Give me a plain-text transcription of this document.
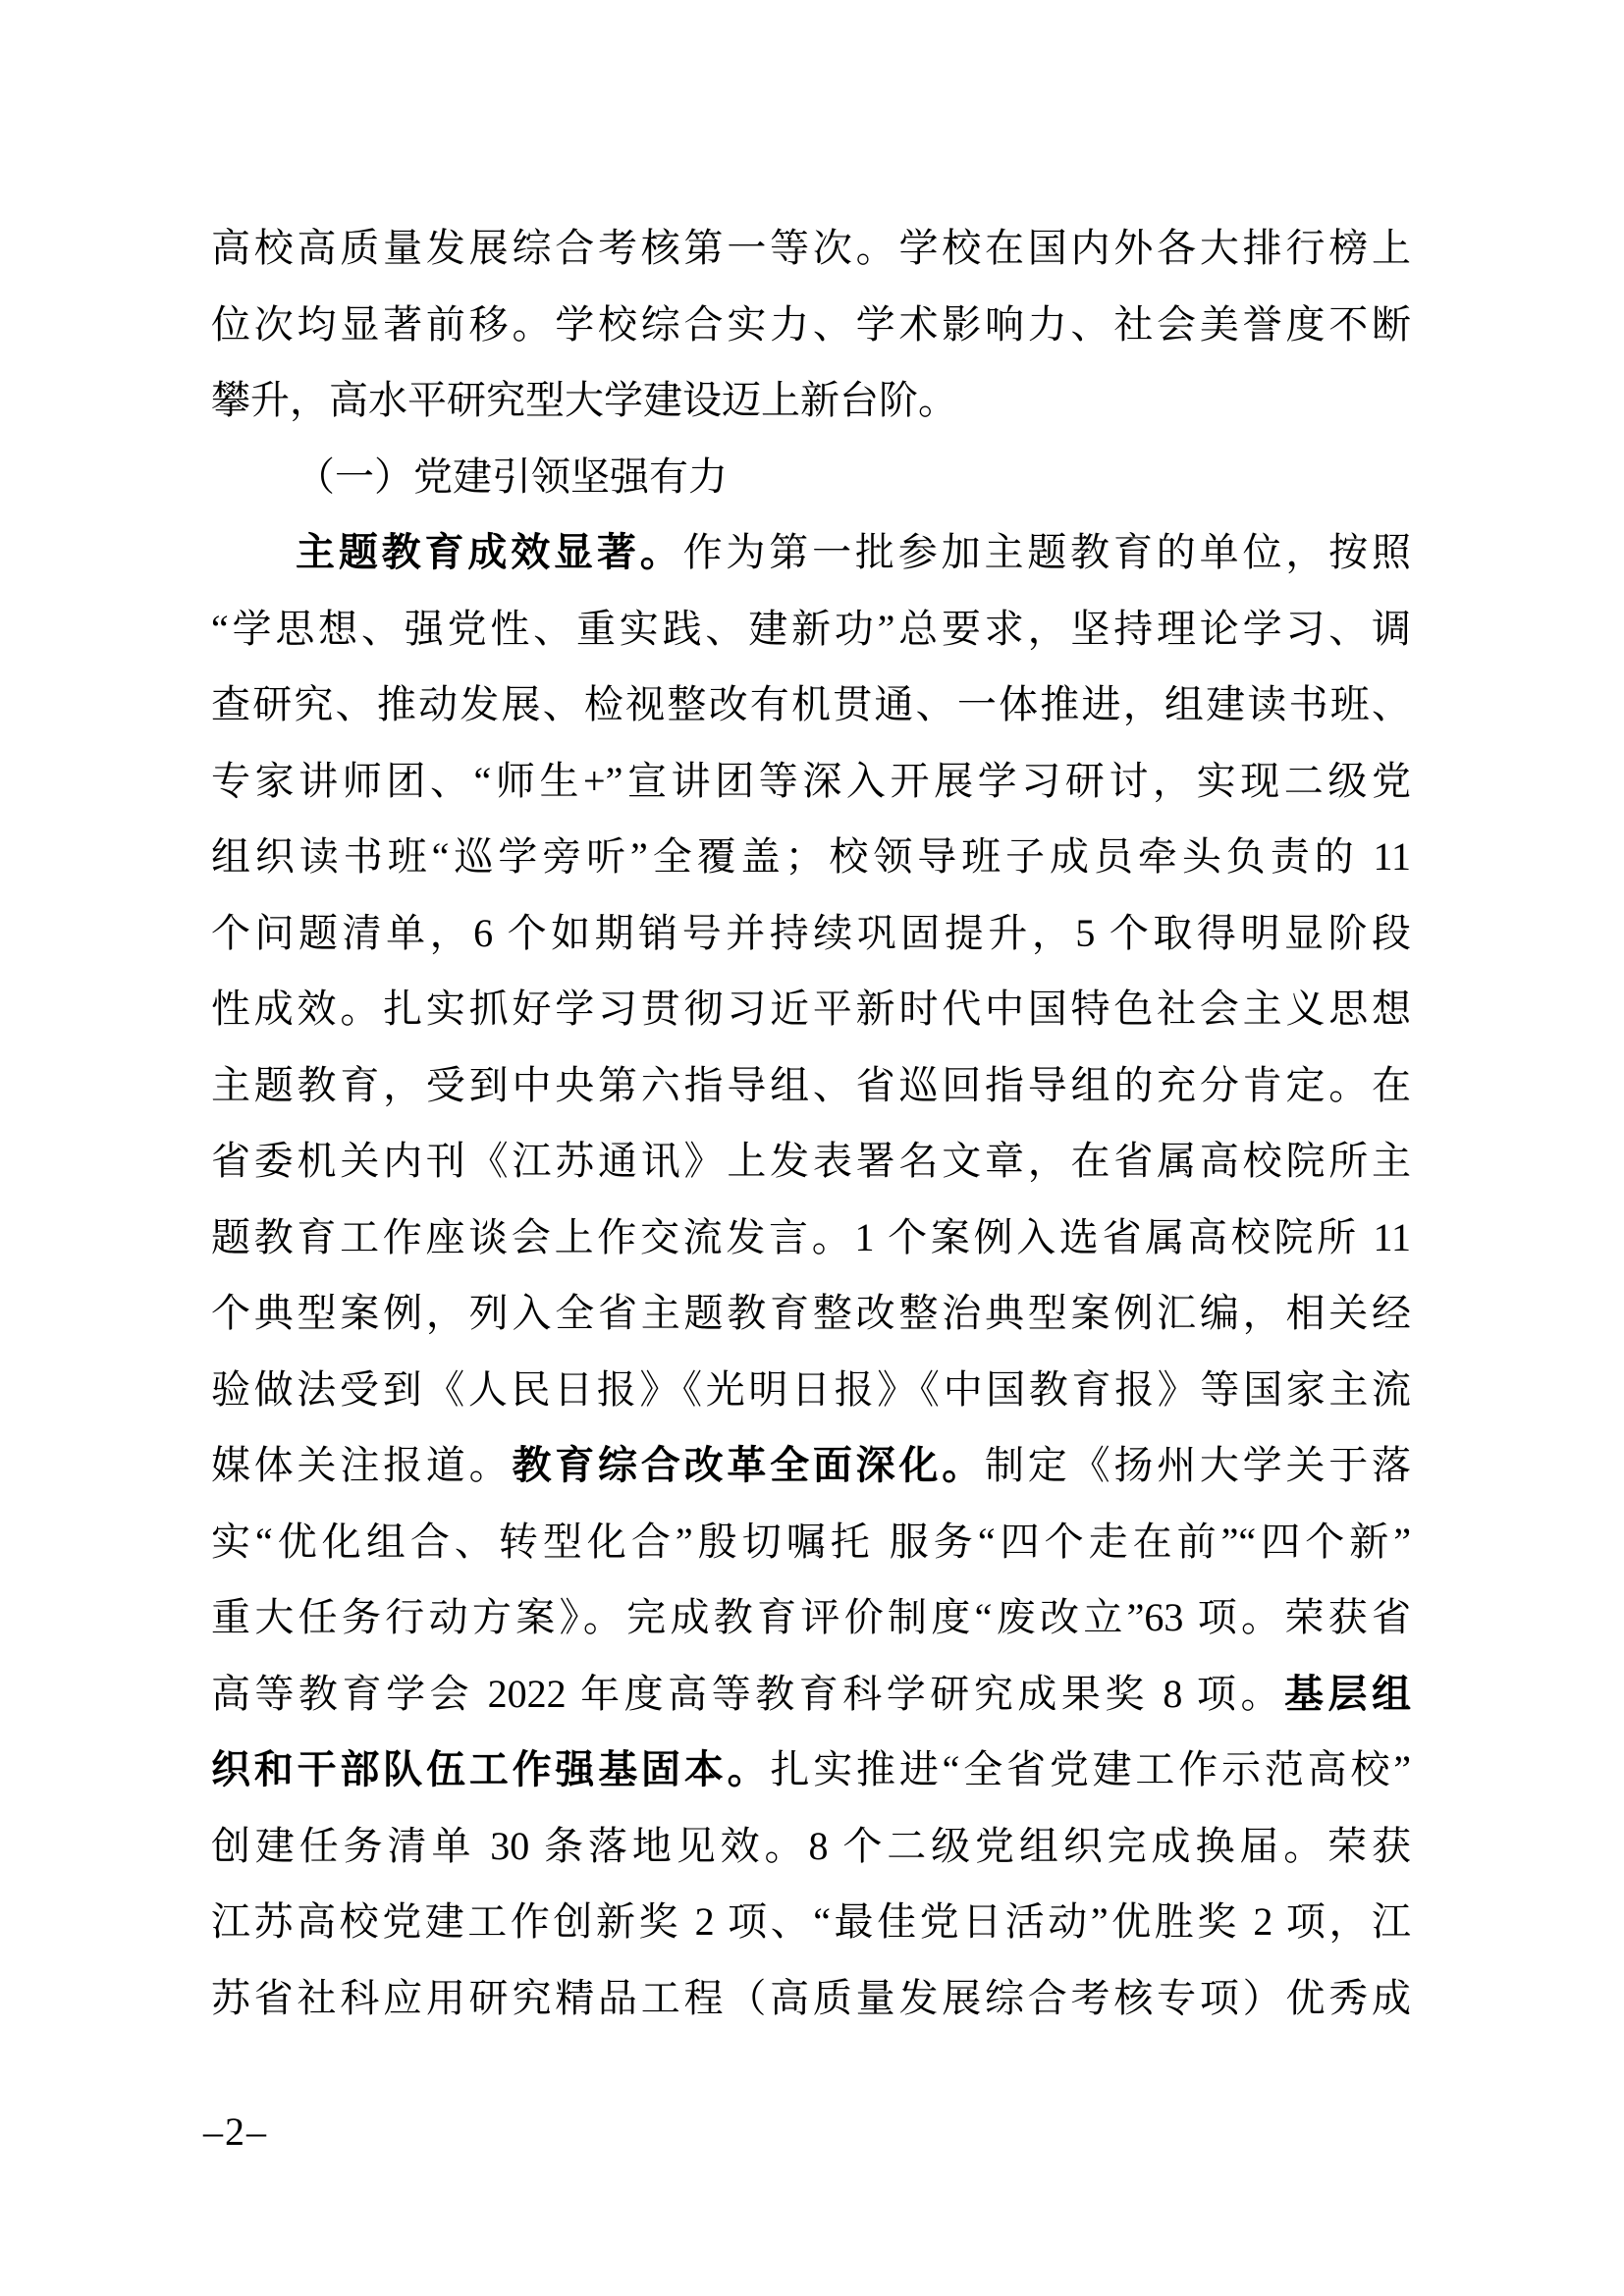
高校高质量发展综合考核第一等次。学校在国内外各大排行榜上

位次均显著前移。学校综合实力、学术影响力、社会美誉度不断

攀升，高水平研究型大学建设迈上新台阶。

（一）党建引领坚强有力

主题教育成效显著。作为第一批参加主题教育的单位，按照

“学思想、强党性、重实践、建新功”总要求，坚持理论学习、调

查研究、推动发展、检视整改有机贯通、一体推进，组建读书班、

专家讲师团、“师生+”宣讲团等深入开展学习研讨，实现二级党

组织读书班“巡学旁听”全覆盖；校领导班子成员牵头负责的 11

个问题清单，6 个如期销号并持续巩固提升，5 个取得明显阶段

性成效。扎实抓好学习贯彻习近平新时代中国特色社会主义思想

主题教育，受到中央第六指导组、省巡回指导组的充分肯定。在

省委机关内刊《江苏通讯》上发表署名文章，在省属高校院所主

题教育工作座谈会上作交流发言。1 个案例入选省属高校院所 11

个典型案例，列入全省主题教育整改整治典型案例汇编，相关经

验做法受到《人民日报》《光明日报》《中国教育报》等国家主流

媒体关注报道。教育综合改革全面深化。制定《扬州大学关于落

实“优化组合、转型化合”殷切嘱托 服务“四个走在前”“四个新”

重大任务行动方案》。完成教育评价制度“废改立”63 项。荣获省

高等教育学会 2022 年度高等教育科学研究成果奖 8 项。基层组

织和干部队伍工作强基固本。扎实推进“全省党建工作示范高校”

创建任务清单 30 条落地见效。8 个二级党组织完成换届。荣获

江苏高校党建工作创新奖 2 项、“最佳党日活动”优胜奖 2 项，江

苏省社科应用研究精品工程（高质量发展综合考核专项）优秀成

–2–
